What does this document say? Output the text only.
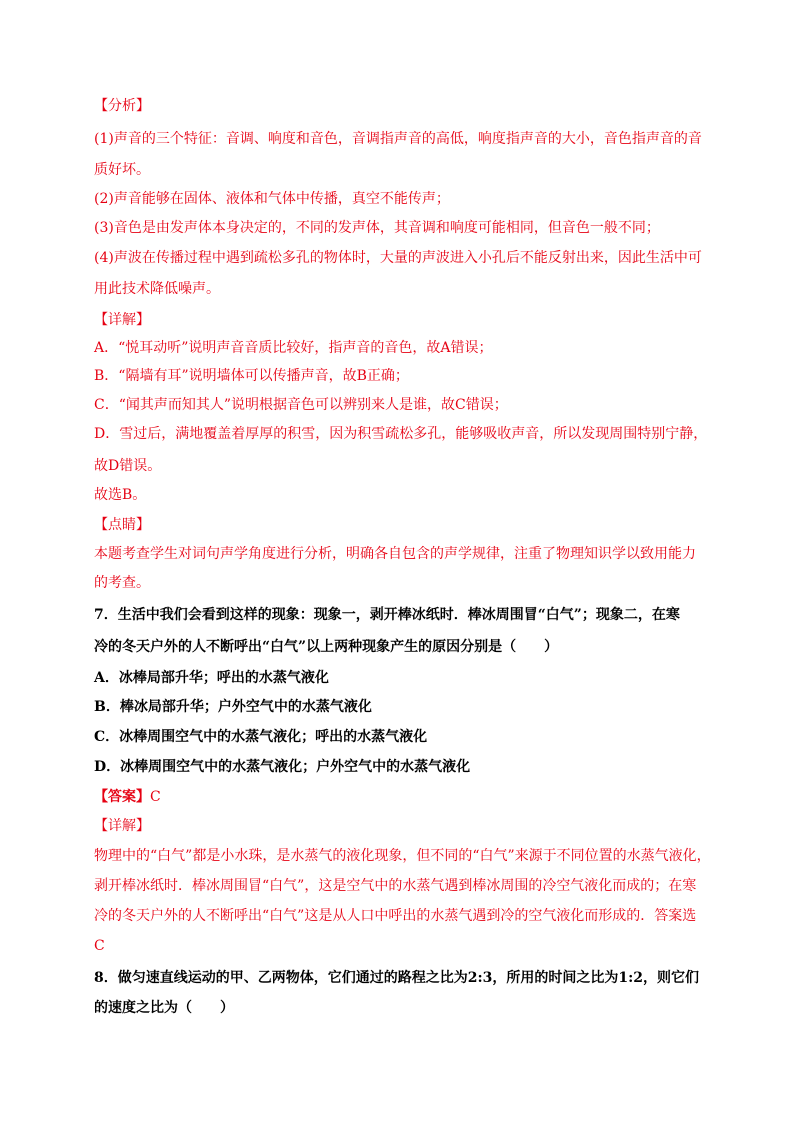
【分析】
(1)声音的三个特征：音调、响度和音色，音调指声音的高低，响度指声音的大小，音色指声音的音
质好坏。
(2)声音能够在固体、液体和气体中传播，真空不能传声；
(3)音色是由发声体本身决定的，不同的发声体，其音调和响度可能相同，但音色一般不同；
(4)声波在传播过程中遇到疏松多孔的物体时，大量的声波进入小孔后不能反射出来，因此生活中可
用此技术降低噪声。
【详解】
A．“悦耳动听”说明声音音质比较好，指声音的音色，故A错误；
B．“隔墙有耳”说明墙体可以传播声音，故B正确；
C．“闻其声而知其人”说明根据音色可以辨别来人是谁，故C错误；
D．雪过后，满地覆盖着厚厚的积雪，因为积雪疏松多孔，能够吸收声音，所以发现周围特别宁静，
故D错误。
故选B。
【点睛】
本题考查学生对词句声学角度进行分析，明确各自包含的声学规律，注重了物理知识学以致用能力
的考查。
7．生活中我们会看到这样的现象：现象一，剥开棒冰纸时．棒冰周围冒“白气”；现象二，在寒
冷的冬天户外的人不断呼出“白气”以上两种现象产生的原因分别是（　　）
A．冰棒局部升华；呼出的水蒸气液化
B．棒冰局部升华；户外空气中的水蒸气液化
C．冰棒周围空气中的水蒸气液化；呼出的水蒸气液化
D．冰棒周围空气中的水蒸气液化；户外空气中的水蒸气液化
【答案】C
【详解】
物理中的“白气”都是小水珠，是水蒸气的液化现象，但不同的“白气”来源于不同位置的水蒸气液化，
剥开棒冰纸时．棒冰周围冒“白气”，这是空气中的水蒸气遇到棒冰周围的冷空气液化而成的；在寒
冷的冬天户外的人不断呼出“白气”这是从人口中呼出的水蒸气遇到冷的空气液化而形成的．答案选
C
8．做匀速直线运动的甲、乙两物体，它们通过的路程之比为2:3，所用的时间之比为1:2，则它们
的速度之比为（　　）
